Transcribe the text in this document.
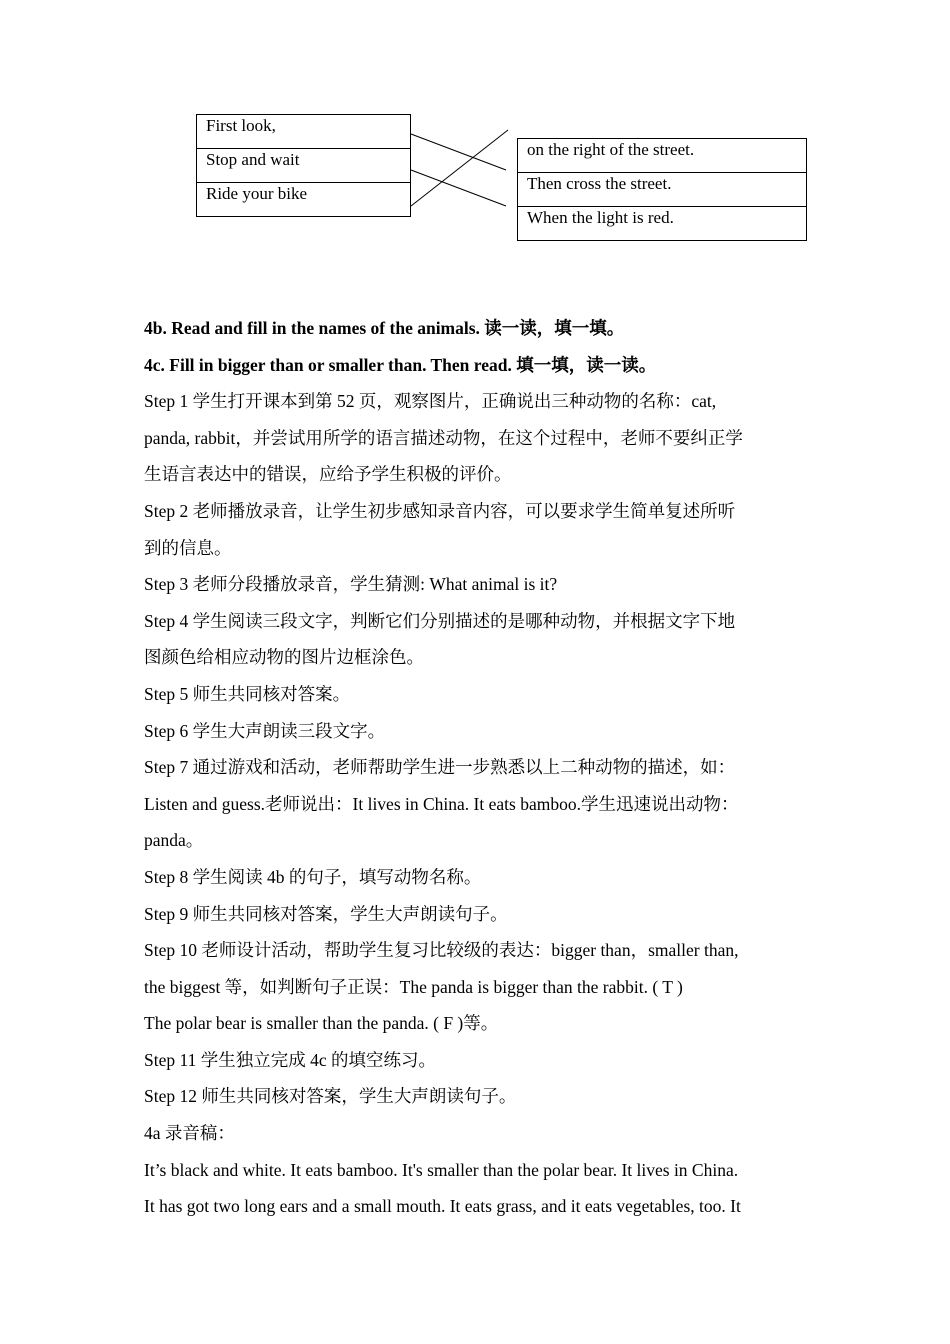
First look,
Stop and wait
Ride your bike
on the right of the street.
Then cross the street.
When the light is red.

4b. Read and fill in the names of the animals. 读一读，填一填。

4c. Fill in bigger than or smaller than. Then read. 填一填，读一读。

Step 1 学生打开课本到第 52 页，观察图片，正确说出三种动物的名称：cat,

panda, rabbit，并尝试用所学的语言描述动物，在这个过程中，老师不要纠正学

生语言表达中的错误，应给予学生积极的评价。

Step 2 老师播放录音，让学生初步感知录音内容，可以要求学生简单复述所听

到的信息。

Step 3 老师分段播放录音，学生猜测: What animal is it?

Step 4 学生阅读三段文字，判断它们分别描述的是哪种动物，并根据文字下地

图颜色给相应动物的图片边框涂色。

Step 5 师生共同核对答案。

Step 6 学生大声朗读三段文字。

Step 7 通过游戏和活动，老师帮助学生进一步熟悉以上二种动物的描述，如：

Listen and guess.老师说出：It lives in China. It eats bamboo.学生迅速说出动物：

panda。

Step 8 学生阅读 4b 的句子，填写动物名称。

Step 9 师生共同核对答案，学生大声朗读句子。

Step 10 老师设计活动，帮助学生复习比较级的表达：bigger than，smaller than,

the biggest 等，如判断句子正误：The panda is bigger than the rabbit. ( T )

The polar bear is smaller than the panda. ( F )等。

Step 11 学生独立完成 4c 的填空练习。

Step 12 师生共同核对答案，学生大声朗读句子。

4a 录音稿：

It’s black and white. It eats bamboo. It's smaller than the polar bear. It lives in China.

It has got two long ears and a small mouth. It eats grass, and it eats vegetables, too. It
